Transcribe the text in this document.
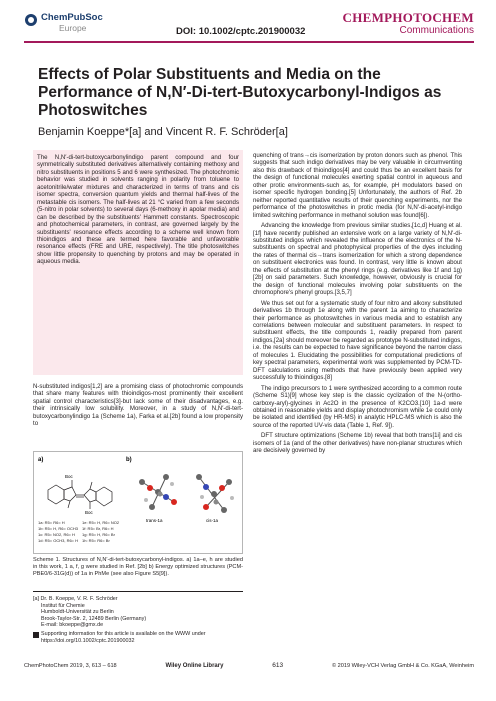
ChemPubSoc
Europe	DOI: 10.1002/cptc.201900032
CHEMPHOTOCHEM
Communications
Effects of Polar Substituents and Media on the Performance of N,N′-Di-tert-Butoxycarbonyl-Indigos as Photoswitches
Benjamin Koeppe*[a] and Vincent R. F. Schröder[a]

The N,N′-di-tert-butoxycarbonylindigo parent compound and four symmetrically substituted derivatives alternatively containing methoxy and nitro substituents in positions 5 and 6 were synthesized. The photochromic behavior was studied in solvents ranging in polarity from toluene to acetonitrile/water mixtures and characterized in terms of trans and cis isomer spectra, conversion quantum yields and thermal half-lives of the metastable cis isomers. The half-lives at 21 °C varied from a few seconds (5-nitro in polar solvents) to several days (6-methoxy in apolar media) and can be described by the substituents' Hammett constants. Spectroscopic and photochemical parameters, in contrast, are governed largely by the substituents' resonance effects according to a scheme well known from thioindigos and these are termed here favorable and unfavorable resonance effects (FRE and URE, respectively). The title photoswitches show little propensity to quenching by protons and may be operated in aqueous media.

N-substituted indigos[1,2] are a promising class of photochromic compounds that share many features with thioindigos-most prominently their excellent spatial control characteristics[3]-but lack some of their disadvantages, e.g. their intrinsically low solubility. Moreover, in a study of N,N′-di-tert-butoxycarbonylindigo 1a (Scheme 1a), Farka et al.[2b] found a low propensity to

a)	b)
Boc
Boc
1a: R5= R6= H
1b: R5= H, R6= OCH3
1c: R5= NO2, R6= H
1d: R5= OCH3, R6= H
1e: R5= H, R6= NO2
1f: R5= Br, R6= H
1g: R5= H, R6= Br
1h: R5= R6= Br
trans-1a	cis-1a

Scheme 1. Structures of N,N′-di-tert-butoxycarbonyl-indigos. a) 1a–e, h are studied in this work, 1 a, f, g were studied in Ref. [2b] b) Energy optimized structures (PCM-PBE0/6-31G(d)) of 1a in PhMe (see also Figure S5[9]).

[a] Dr. B. Koeppe, V. R. F. Schröder
Institut für Chemie
Humboldt-Universität zu Berlin
Brook-Taylor-Str. 2, 12489 Berlin (Germany)
E-mail: bkoeppe@gmx.de
Supporting information for this article is available on the WWW under https://doi.org/10.1002/cptc.201900032

quenching of trans→cis isomerization by proton donors such as phenol. This suggests that such indigo derivatives may be very valuable in circumventing also this drawback of thioindigos[4] and could thus be an excellent basis for the design of functional molecules exerting spatial control in aqueous and other protic environments-such as, for example, pH modulators based on isomer specific hydrogen bonding.[5] Unfortunately, the authors of Ref. 2b neither reported quantitative results of their quenching experiments, nor the performance of the photoswitches in protic media (for N,N′-di-acetyl-indigo limited switching performance in methanol solution was found[6]).

Advancing the knowledge from previous similar studies,[1c,d] Huang et al.[1f] have recently published an extensive work on a large variety of N,N′-di-substituted indigos which revealed the influence of the electronics of the N-substituents on spectral and photophysical properties of the dyes including the rates of thermal cis→trans isomerization for which a strong dependence on substituent electronics was found. In contrast, very little is known about the effects of substitution at the phenyl rings (e.g. derivatives like 1f and 1g)[2b] on said parameters. Such knowledge, however, obviously is crucial for the design of functional molecules involving polar substituents on the chromophore's phenyl groups.[3,5,7]

We thus set out for a systematic study of four nitro and alkoxy substituted derivatives 1b through 1e along with the parent 1a aiming to characterize their performance as photoswitches in various media and to establish any correlations between molecular and substituent parameters. In respect to substituent effects, the title compounds 1, readily prepared from parent indigos,[2a] should moreover be regarded as prototype N-substituted indigos, i.e. the results can be expected to have significance beyond the narrow class of molecules 1. Elucidating the possibilities for computational predictions of key spectral parameters, experimental work was supplemented by PCM-TD-DFT calculations using methods that have previously been applied very successfully to thioindigos.[8]

The indigo precursors to 1 were synthesized according to a common route (Scheme S1)[9] whose key step is the classic cyclization of the N-(ortho-carboxy-aryl)-glycines in Ac2O in the presence of K2CO3.[10] 1a-d were obtained in reasonable yields and display photochromism while 1e could only be isolated and identified (by HR-MS) in analytic HPLC-MS which is also the source of the reported UV-vis data (Table 1, Ref. 9]).

DFT structure optimizations (Scheme 1b) reveal that both trans[1i] and cis isomers of 1a (and of the other derivatives) have non-planar structures which are decisively governed by

ChemPhotoChem 2019, 3, 613 – 618	Wiley Online Library	613	© 2019 Wiley-VCH Verlag GmbH & Co. KGaA, Weinheim
